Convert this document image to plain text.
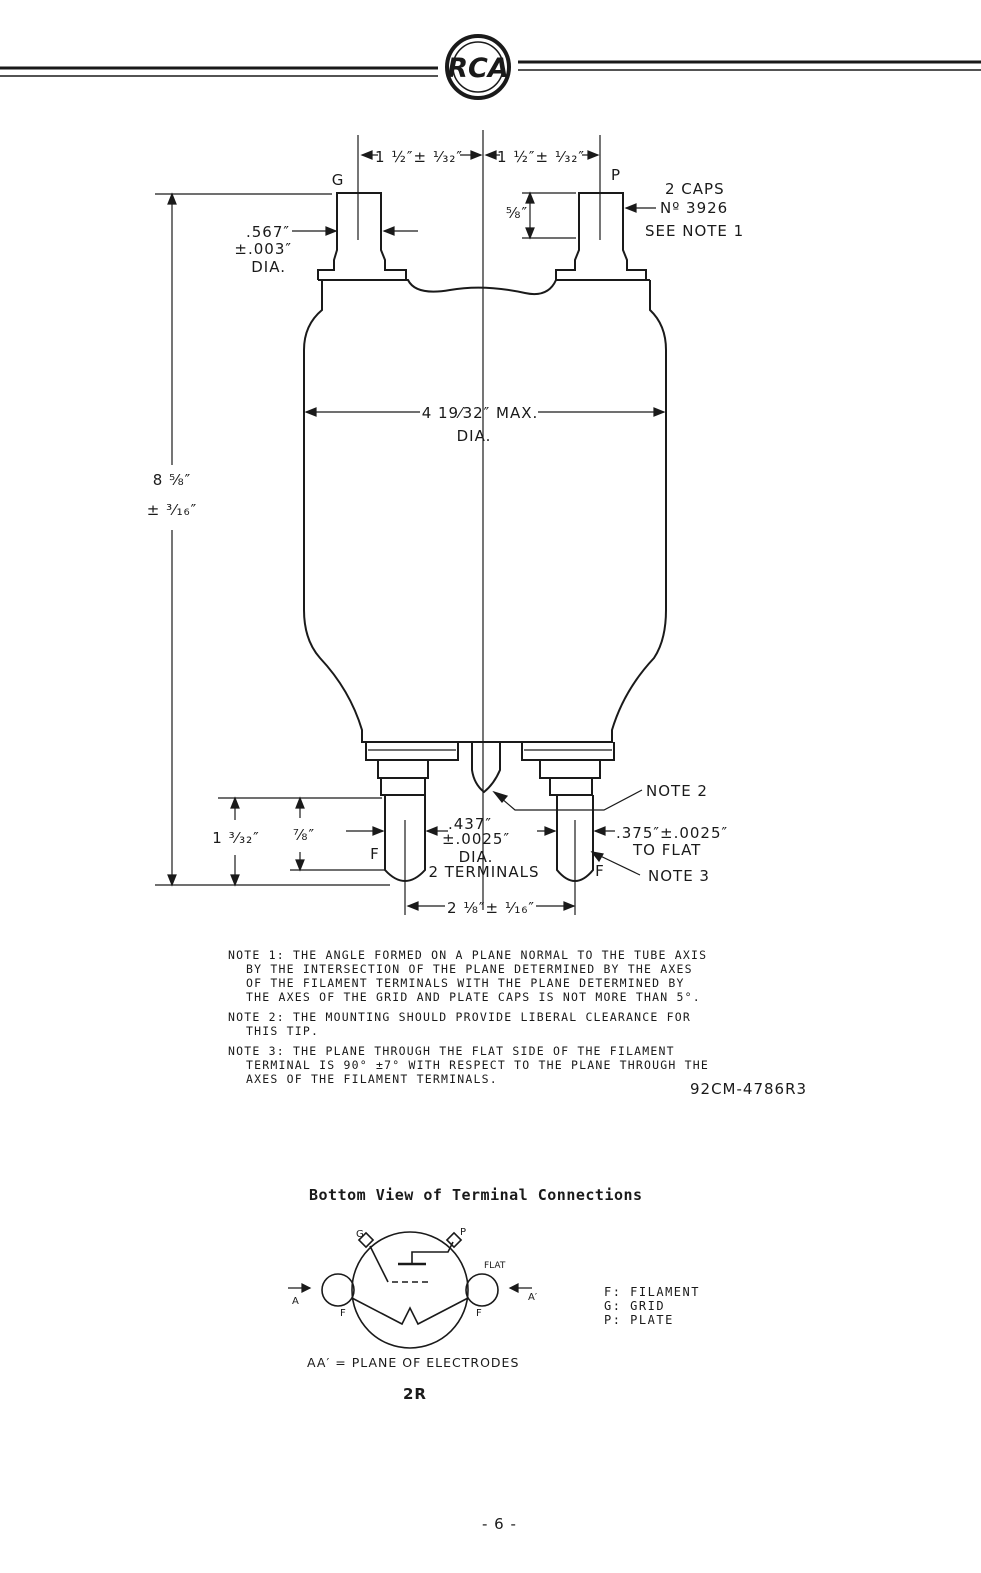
RCA
1 ½″± ⅟₃₂″ 1 ½″± ⅟₃₂″
G	P
2 CAPS
Nº 3926
SEE NOTE 1
⅝″
.567″
±.003″
DIA.
4 19⁄32″ MAX.
DIA.
8 ⅝″
± ³⁄₁₆″
1 ³⁄₃₂″ ⅞″
F
F
.437″
±.0025″
DIA.
2 TERMINALS
.375″±.0025″
TO FLAT
NOTE 2
NOTE 3
2 ⅛″± ⅟₁₆″
NOTE 1: THE ANGLE FORMED ON A PLANE NORMAL TO THE TUBE AXIS
BY THE INTERSECTION OF THE PLANE DETERMINED BY THE AXES
OF THE FILAMENT TERMINALS WITH THE PLANE DETERMINED BY
THE AXES OF THE GRID AND PLATE CAPS IS NOT MORE THAN 5°.
NOTE 2: THE MOUNTING SHOULD PROVIDE LIBERAL CLEARANCE FOR
THIS TIP.
NOTE 3: THE PLANE THROUGH THE FLAT SIDE OF THE FILAMENT
TERMINAL IS 90° ±7° WITH RESPECT TO THE PLANE THROUGH THE
AXES OF THE FILAMENT TERMINALS.
92CM-4786R3
Bottom View of Terminal Connections
G	P
FLAT
A	A′
F	F
F: FILAMENT
G: GRID
P: PLATE
AA′ = PLANE OF ELECTRODES
2R
- 6 -
